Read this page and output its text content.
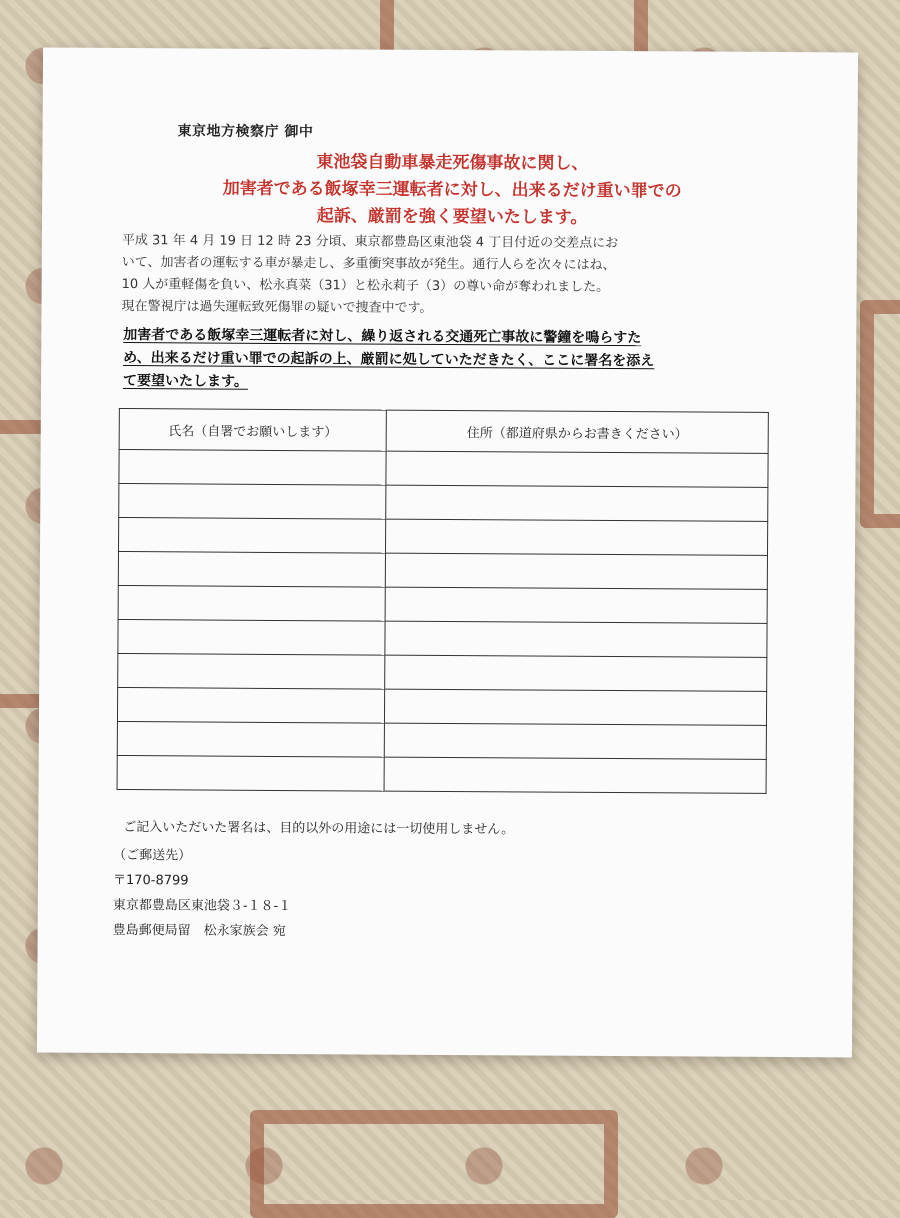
東京地方検察庁 御中
東池袋自動車暴走死傷事故に関し、
加害者である飯塚幸三運転者に対し、出来るだけ重い罪での
起訴、厳罰を強く要望いたします。

平成 31 年 4 月 19 日 12 時 23 分頃、東京都豊島区東池袋 4 丁目付近の交差点にお

いて、加害者の運転する車が暴走し、多重衝突事故が発生。通行人らを次々にはね、

10 人が重軽傷を負い、松永真菜（31）と松永莉子（3）の尊い命が奪われました。

現在警視庁は過失運転致死傷罪の疑いで捜査中です。

加害者である飯塚幸三運転者に対し、繰り返される交通死亡事故に警鐘を鳴らすた
め、出来るだけ重い罪での起訴の上、厳罰に処していただきたく、ここに署名を添え
て要望いたします。
氏名（自署でお願いします）	住所（都道府県からお書きください）

ご記入いただいた署名は、目的以外の用途には一切使用しません。
（ご郵送先）
〒170-8799
東京都豊島区東池袋３-１８-１
豊島郵便局留　松永家族会 宛
